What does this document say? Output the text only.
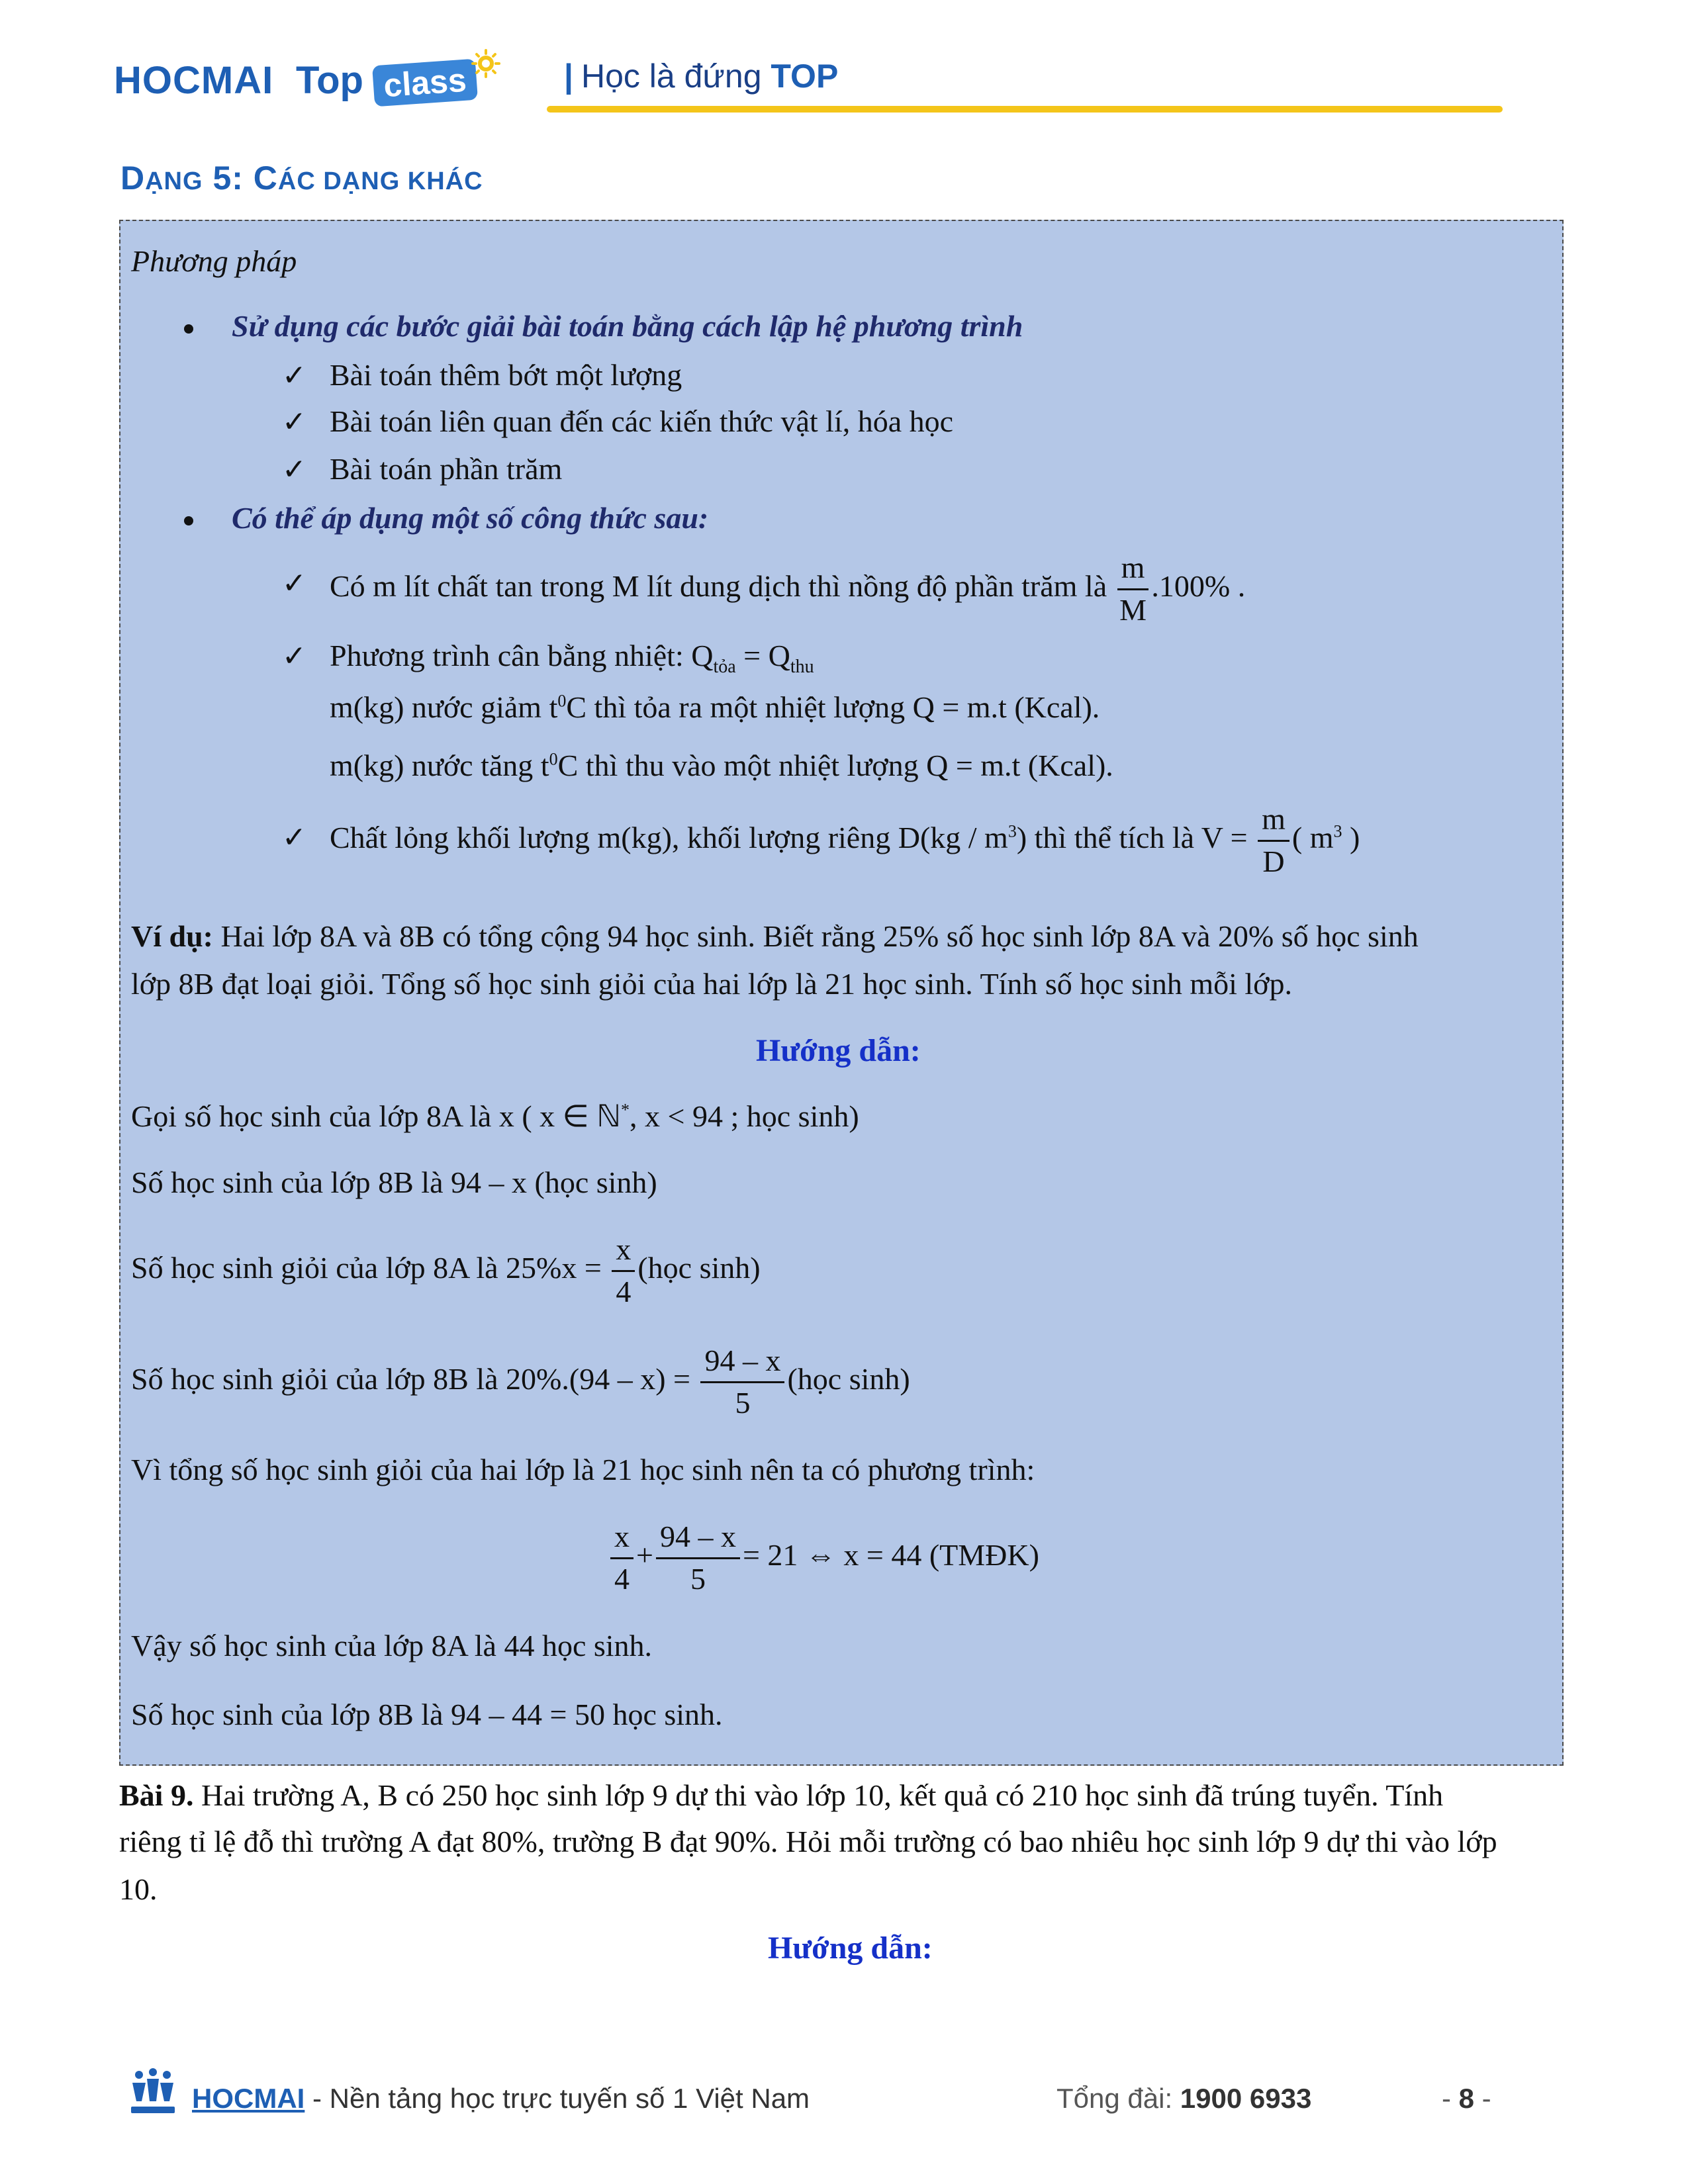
HOCMAI Top class	| Học là đứng TOP
DẠNG 5: CÁC DẠNG KHÁC
Phương pháp
Sử dụng các bước giải bài toán bằng cách lập hệ phương trình
✓ Bài toán thêm bớt một lượng
✓ Bài toán liên quan đến các kiến thức vật lí, hóa học
✓ Bài toán phần trăm
Có thể áp dụng một số công thức sau:
✓ Có m lít chất tan trong M lít dung dịch thì nồng độ phần trăm là $\frac{m}{M} .100\%$ .
✓ Phương trình cân bằng nhiệt: $Q_{tỏa} = Q_{thu}$
m(kg) nước giảm $t^0C$ thì tỏa ra một nhiệt lượng Q = m.t (Kcal).
m(kg) nước tăng $t^0C$ thì thu vào một nhiệt lượng Q = m.t (Kcal).
✓ Chất lỏng khối lượng m(kg), khối lượng riêng $D(kg / m^3)$ thì thể tích là $V = \frac{m}{D}$ ( $m^3$ )
Ví dụ: Hai lớp 8A và 8B có tổng cộng 94 học sinh. Biết rằng 25% số học sinh lớp 8A và 20% số học sinh
lớp 8B đạt loại giỏi. Tổng số học sinh giỏi của hai lớp là 21 học sinh. Tính số học sinh mỗi lớp.
Hướng dẫn:
Gọi số học sinh của lớp 8A là x ( x ∈ ℕ*, x < 94 ; học sinh)
Số học sinh của lớp 8B là 94 – x (học sinh)
Số học sinh giỏi của lớp 8A là $25\%x = \frac{x}{4}$ (học sinh)
Số học sinh giỏi của lớp 8B là $20\%.(94 - x) = \frac{94 - x}{5}$ (học sinh)
Vì tổng số học sinh giỏi của hai lớp là 21 học sinh nên ta có phương trình:
$\frac{x}{4} + \frac{94 - x}{5} = 21$ ⇔ x = 44 (TMĐK)
Vậy số học sinh của lớp 8A là 44 học sinh.
Số học sinh của lớp 8B là 94 – 44 = 50 học sinh.
Bài 9. Hai trường A, B có 250 học sinh lớp 9 dự thi vào lớp 10, kết quả có 210 học sinh đã trúng tuyển. Tính
riêng tỉ lệ đỗ thì trường A đạt 80%, trường B đạt 90%. Hỏi mỗi trường có bao nhiêu học sinh lớp 9 dự thi vào lớp
10.
Hướng dẫn:
HOCMAI - Nền tảng học trực tuyến số 1 Việt Nam	Tổng đài: 1900 6933	- 8 -
